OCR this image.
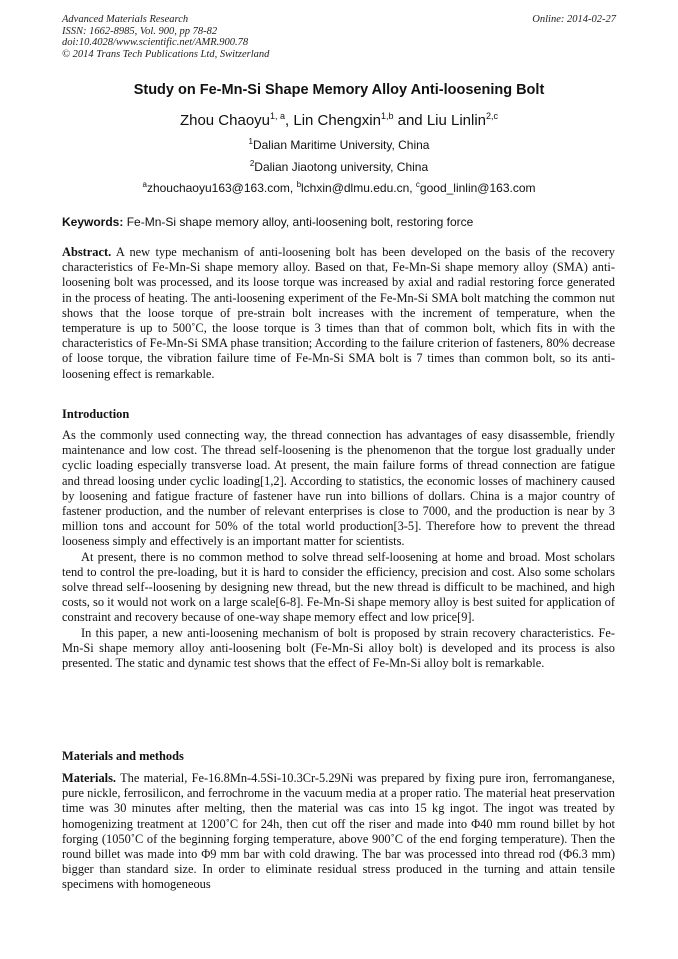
Advanced Materials Research
ISSN: 1662-8985, Vol. 900, pp 78-82
doi:10.4028/www.scientific.net/AMR.900.78
© 2014 Trans Tech Publications Ltd, Switzerland
Online: 2014-02-27
Study on Fe-Mn-Si Shape Memory Alloy Anti-loosening Bolt
Zhou Chaoyu$^{1, a}$, Lin Chengxin$^{1,b}$ and Liu Linlin$^{2,c}$
$^1$Dalian Maritime University, China
$^2$Dalian Jiaotong university, China
$^a$zhouchaoyu163@163.com, $^b$lchxin@dlmu.edu.cn, $^c$good_linlin@163.com
Keywords: Fe-Mn-Si shape memory alloy, anti-loosening bolt, restoring force

Abstract. A new type mechanism of anti-loosening bolt has been developed on the basis of the recovery characteristics of Fe-Mn-Si shape memory alloy. Based on that, Fe-Mn-Si shape memory alloy (SMA) anti-loosening bolt was processed, and its loose torque was increased by axial and radial restoring force generated in the process of heating. The anti-loosening experiment of the Fe-Mn-Si SMA bolt matching the common nut shows that the loose torque of pre-strain bolt increases with the increment of temperature, when the temperature is up to 500˚C, the loose torque is 3 times than that of common bolt, which fits in with the characteristics of Fe-Mn-Si SMA phase transition; According to the failure criterion of fasteners, 80% decrease of loose torque, the vibration failure time of Fe-Mn-Si SMA bolt is 7 times than common bolt, so its anti-loosening effect is remarkable.

Introduction

As the commonly used connecting way, the thread connection has advantages of easy disassemble, friendly maintenance and low cost. The thread self-loosening is the phenomenon that the torgue lost gradually under cyclic loading especially transverse load. At present, the main failure forms of thread connection are fatigue and thread loosing under cyclic loading[1,2]. According to statistics, the economic losses of machinery caused by loosening and fatigue fracture of fastener have run into billions of dollars. China is a major country of fastener production, and the number of relevant enterprises is close to 7000, and the production is near by 3 million tons and account for 50% of the total world production[3-5]. Therefore how to prevent the thread looseness simply and effectively is an important matter for scientists.

At present, there is no common method to solve thread self-loosening at home and broad. Most scholars tend to control the pre-loading, but it is hard to consider the efficiency, precision and cost. Also some scholars solve thread self--loosening by designing new thread, but the new thread is difficult to be machined, and high costs, so it would not work on a large scale[6-8]. Fe-Mn-Si shape memory alloy is best suited for application of constraint and recovery because of one-way shape memory effect and low price[9].

In this paper, a new anti-loosening mechanism of bolt is proposed by strain recovery characteristics. Fe-Mn-Si shape memory alloy anti-loosening bolt (Fe-Mn-Si alloy bolt) is developed and its process is also presented. The static and dynamic test shows that the effect of Fe-Mn-Si alloy bolt is remarkable.

Materials and methods

Materials. The material, Fe-16.8Mn-4.5Si-10.3Cr-5.29Ni was prepared by fixing pure iron, ferromanganese, pure nickle, ferrosilicon, and ferrochrome in the vacuum media at a proper ratio. The material heat preservation time was 30 minutes after melting, then the material was cas into 15 kg ingot. The ingot was treated by homogenizing treatment at 1200˚C for 24h, then cut off the riser and made into Φ40 mm round billet by hot forging (1050˚C of the beginning forging temperature, above 900˚C of the end forging temperature). Then the round billet was made into Φ9 mm bar with cold drawing. The bar was processed into thread rod (Φ6.3 mm) bigger than standard size. In order to eliminate residual stress produced in the turning and attain tensile specimens with homogeneous
